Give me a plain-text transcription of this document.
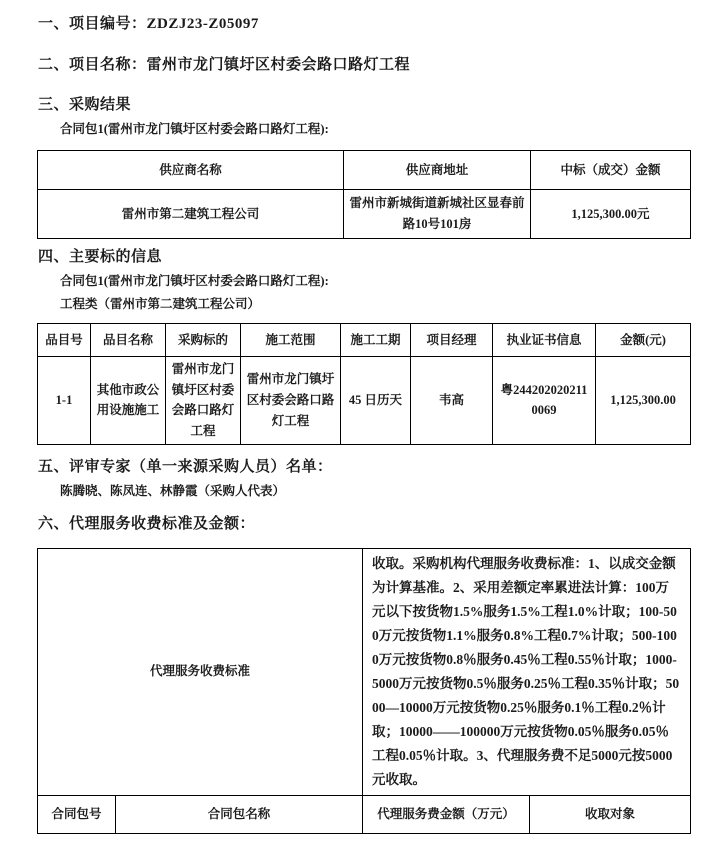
一、项目编号：ZDZJ23-Z05097
二、项目名称：雷州市龙门镇圩区村委会路口路灯工程
三、采购结果
合同包1(雷州市龙门镇圩区村委会路口路灯工程):
供应商名称	供应商地址	中标（成交）金额
雷州市第二建筑工程公司	雷州市新城街道新城社区显春前路10号101房	1,125,300.00元
四、主要标的信息
合同包1(雷州市龙门镇圩区村委会路口路灯工程):
工程类（雷州市第二建筑工程公司）
品目号	品目名称	采购标的	施工范围	施工工期	项目经理	执业证书信息	金额(元)
1-1	其他市政公用设施施工	雷州市龙门镇圩区村委会路口路灯工程	雷州市龙门镇圩区村委会路口路灯工程	45 日历天	韦高	粤2442020202110069	1,125,300.00
五、评审专家（单一来源采购人员）名单：
陈腾晓、陈凤连、林静霞（采购人代表）
六、代理服务收费标准及金额：
代理服务收费标准		收取。采购机构代理服务收费标准：1、以成交金额为计算基准。2、采用差额定率累进法计算：100万元以下按货物1.5%服务1.5%工程1.0%计取；100-500万元按货物1.1%服务0.8%工程0.7%计取；500-1000万元按货物0.8％服务0.45％工程0.55％计取；1000-5000万元按货物0.5％服务0.25％工程0.35％计取；5000—10000万元按货物0.25％服务0.1％工程0.2％计取；10000——100000万元按货物0.05％服务0.05％工程0.05％计取。3、代理服务费不足5000元按5000元收取。	
合同包号	合同包名称	代理服务费金额（万元）	收取对象
